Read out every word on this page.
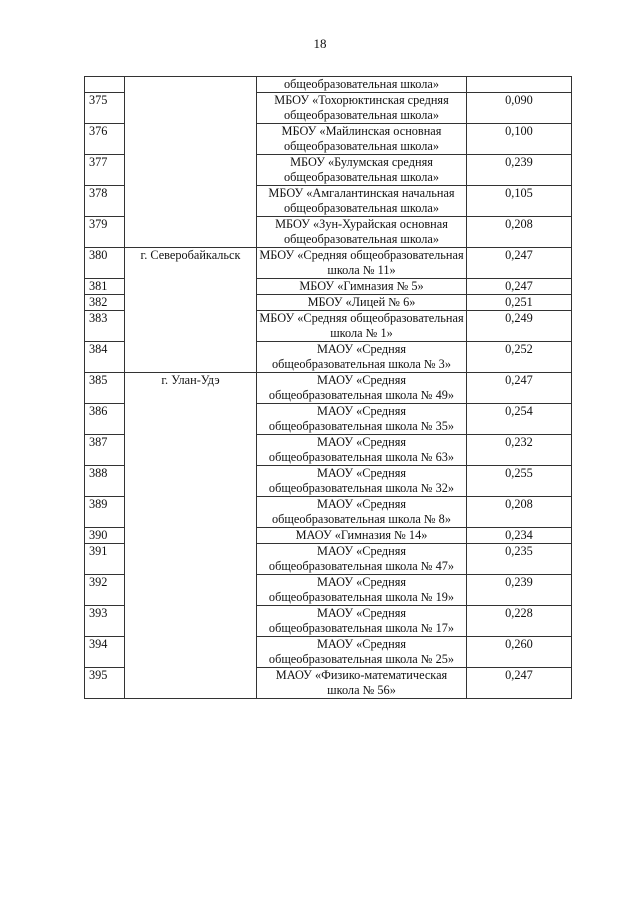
18
		общеобразовательная школа»	
375		МБОУ «Тохорюктинская средняя общеобразовательная школа»	0,090
376		МБОУ «Майлинская основная общеобразовательная школа»	0,100
377		МБОУ «Булумская средняя общеобразовательная школа»	0,239
378		МБОУ «Амгалантинская начальная общеобразовательная школа»	0,105
379		МБОУ «Зун-Хурайская основная общеобразовательная школа»	0,208
380	г. Северобайкальск	МБОУ «Средняя общеобразовательная школа № 11»	0,247
381		МБОУ «Гимназия № 5»	0,247
382		МБОУ «Лицей № 6»	0,251
383		МБОУ «Средняя общеобразовательная школа № 1»	0,249
384		МАОУ «Средняя общеобразовательная школа № 3»	0,252
385	г. Улан-Удэ	МАОУ «Средняя общеобразовательная школа № 49»	0,247
386		МАОУ «Средняя общеобразовательная школа № 35»	0,254
387		МАОУ «Средняя общеобразовательная школа № 63»	0,232
388		МАОУ «Средняя общеобразовательная школа № 32»	0,255
389		МАОУ «Средняя общеобразовательная школа № 8»	0,208
390		МАОУ «Гимназия № 14»	0,234
391		МАОУ «Средняя общеобразовательная школа № 47»	0,235
392		МАОУ «Средняя общеобразовательная школа № 19»	0,239
393		МАОУ «Средняя общеобразовательная школа № 17»	0,228
394		МАОУ «Средняя общеобразовательная школа № 25»	0,260
395		МАОУ «Физико-математическая школа № 56»	0,247
